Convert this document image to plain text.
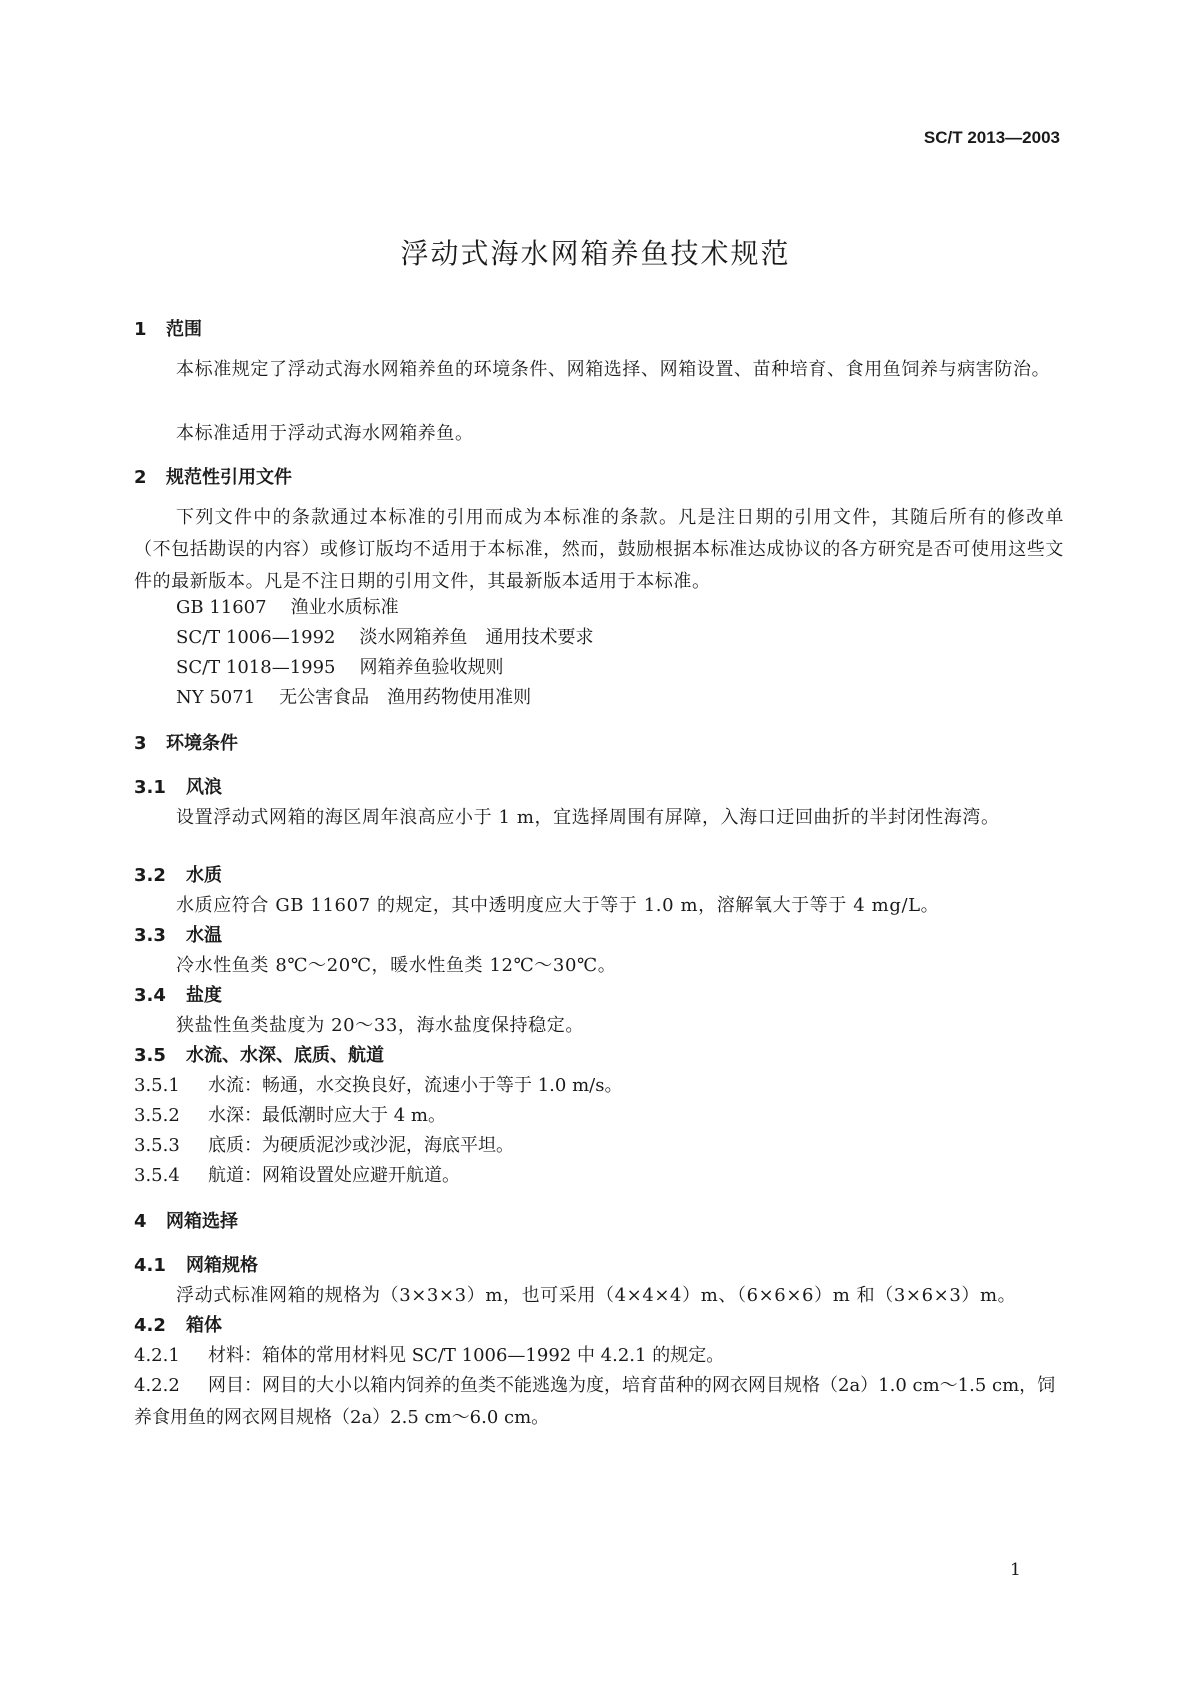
SC/T 2013—2003
浮动式海水网箱养鱼技术规范
1 范围
本标准规定了浮动式海水网箱养鱼的环境条件、网箱选择、网箱设置、苗种培育、食用鱼饲养与病害防治。
本标准适用于浮动式海水网箱养鱼。
2 规范性引用文件
下列文件中的条款通过本标准的引用而成为本标准的条款。凡是注日期的引用文件，其随后所有的修改单（不包括勘误的内容）或修订版均不适用于本标准，然而，鼓励根据本标准达成协议的各方研究是否可使用这些文件的最新版本。凡是不注日期的引用文件，其最新版本适用于本标准。
GB 11607 渔业水质标准
SC/T 1006—1992 淡水网箱养鱼　通用技术要求
SC/T 1018—1995 网箱养鱼验收规则
NY 5071 无公害食品　渔用药物使用准则
3 环境条件
3.1 风浪
设置浮动式网箱的海区周年浪高应小于 1 m，宜选择周围有屏障，入海口迂回曲折的半封闭性海湾。
3.2 水质
水质应符合 GB 11607 的规定，其中透明度应大于等于 1.0 m，溶解氧大于等于 4 mg/L。
3.3 水温
冷水性鱼类 8℃～20℃，暖水性鱼类 12℃～30℃。
3.4 盐度
狭盐性鱼类盐度为 20～33，海水盐度保持稳定。
3.5 水流、水深、底质、航道
3.5.1 水流：畅通，水交换良好，流速小于等于 1.0 m/s。
3.5.2 水深：最低潮时应大于 4 m。
3.5.3 底质：为硬质泥沙或沙泥，海底平坦。
3.5.4 航道：网箱设置处应避开航道。
4 网箱选择
4.1 网箱规格
浮动式标准网箱的规格为（3×3×3）m，也可采用（4×4×4）m、（6×6×6）m 和（3×6×3）m。
4.2 箱体
4.2.1 材料：箱体的常用材料见 SC/T 1006—1992 中 4.2.1 的规定。
4.2.2 网目：网目的大小以箱内饲养的鱼类不能逃逸为度，培育苗种的网衣网目规格（2a）1.0 cm～1.5 cm，饲养食用鱼的网衣网目规格（2a）2.5 cm～6.0 cm。
1
